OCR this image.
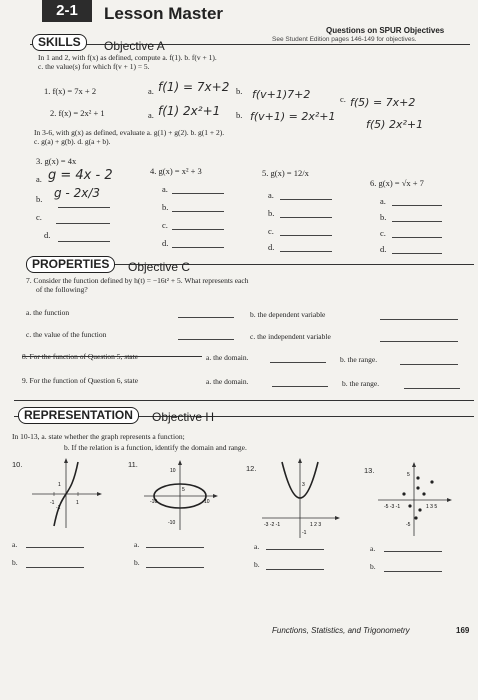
2-1	Lesson Master
Questions on SPUR Objectives
See Student Edition pages 146-149 for objectives.
SKILLS	Objective A
In 1 and 2, with f(x) as defined, compute a. f(1). b. f(v + 1).
c. the value(s) for which f(v + 1) = 5.
1. f(x) = 7x + 2	a. f(1) = 7x+2 b. f(v+1)7+2	c. f(5) = 7x+2
2. f(x) = 2x² + 1	a. f(1) 2x²+1 b. f(v+1) = 2x²+1
f(5) 2x²+1
In 3-6, with g(x) as defined, evaluate a. g(1) + g(2). b. g(1 + 2).
c. g(a) + g(b). d. g(a + b).
3. g(x) = 4x
g = 4x - 2
g - 2x/3
a.
b.
c.
d.
4. g(x) = x² + 3
a.
b.
c.
d.
5. g(x) = 12/x
a.
b.
c.
d.
6. g(x) = √x + 7
a.
b.
c.
d.
PROPERTIES	Objective C
7. Consider the function defined by h(t) = −16t² + 5. What represents each
of the following?
a. the function	b. the dependent variable
c. the value of the function	c. the independent variable
a. the domain.	b. the range.
9. For the function of Question 6, state	a. the domain.	b. the range.
REPRESENTATION	Objective H
In 10-13, a. state whether the graph represents a function;
b. If the relation is a function, identify the domain and range.
10.
-1	1
1
-1
11.
10
-10
-10	10
5
12.
-3 -2 -1	1 2 3
3
-1
13.
-5 -3 -1	1 3 5
5
-5
a.
b.
a.
b.
a.
b.
a.
b.
Functions, Statistics, and Trigonometry	169
